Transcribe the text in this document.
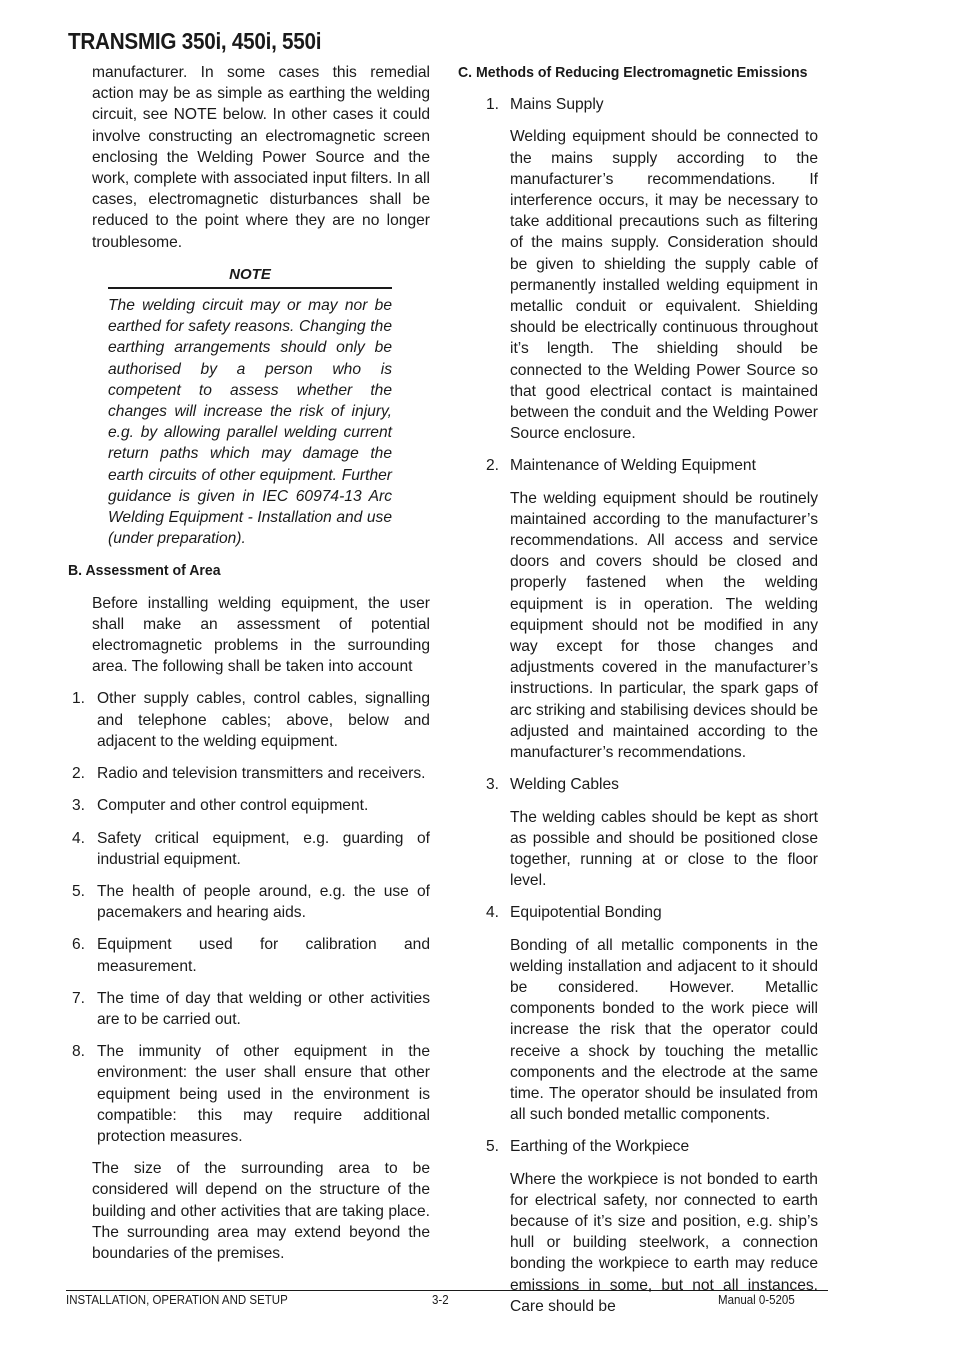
TRANSMIG 350i, 450i, 550i

manufacturer. In some cases this remedial action may be as simple as earthing the welding circuit, see NOTE below. In other cases it could involve constructing an electromagnetic screen enclosing the Welding Power Source and the work, complete with associated input filters. In all cases, electromagnetic disturbances shall be reduced to the point where they are no longer troublesome.

NOTE
The welding circuit may or may nor be earthed for safety reasons. Changing the earthing arrangements should only be authorised by a person who is competent to assess whether the changes will increase the risk of injury, e.g. by allowing parallel welding current return paths which may damage the earth circuits of other equipment. Further guidance is given in IEC 60974-13 Arc Welding Equipment - Installation and use (under preparation).
B. Assessment of Area

Before installing welding equipment, the user shall make an assessment of potential electromagnetic problems in the surrounding area. The following shall be taken into account

1. Other supply cables, control cables, signalling and telephone cables; above, below and adjacent to the welding equipment.
2. Radio and television transmitters and receivers.
3. Computer and other control equipment.
4. Safety critical equipment, e.g. guarding of industrial equipment.
5. The health of people around, e.g. the use of pacemakers and hearing aids.
6. Equipment used for calibration and measurement.
7. The time of day that welding or other activities are to be carried out.
8. The immunity of other equipment in the environment: the user shall ensure that other equipment being used in the environment is compatible: this may require additional protection measures.

The size of the surrounding area to be considered will depend on the structure of the building and other activities that are taking place. The surrounding area may extend beyond the boundaries of the premises.

C. Methods of Reducing Electromagnetic Emissions
1. Mains Supply

Welding equipment should be connected to the mains supply according to the manufacturer’s recommendations. If interference occurs, it may be necessary to take additional precautions such as filtering of the mains supply. Consideration should be given to shielding the supply cable of permanently installed welding equipment in metallic conduit or equivalent. Shielding should be electrically continuous throughout it’s length. The shielding should be connected to the Welding Power Source so that good electrical contact is maintained between the conduit and the Welding Power Source enclosure.

2. Maintenance of Welding Equipment

The welding equipment should be routinely maintained according to the manufacturer’s recommendations. All access and service doors and covers should be closed and properly fastened when the welding equipment is in operation. The welding equipment should not be modified in any way except for those changes and adjustments covered in the manufacturer’s instructions. In particular, the spark gaps of arc striking and stabilising devices should be adjusted and maintained according to the manufacturer’s recommendations.

3. Welding Cables

The welding cables should be kept as short as possible and should be positioned close together, running at or close to the floor level.

4. Equipotential Bonding

Bonding of all metallic components in the welding installation and adjacent to it should be considered. However. Metallic components bonded to the work piece will increase the risk that the operator could receive a shock by touching the metallic components and the electrode at the same time. The operator should be insulated from all such bonded metallic components.

5. Earthing of the Workpiece

Where the workpiece is not bonded to earth for electrical safety, nor connected to earth because of it’s size and position, e.g. ship’s hull or building steelwork, a connection bonding the workpiece to earth may reduce emissions in some, but not all instances. Care should be

INSTALLATION, OPERATION AND SETUP	3-2	Manual 0-5205
